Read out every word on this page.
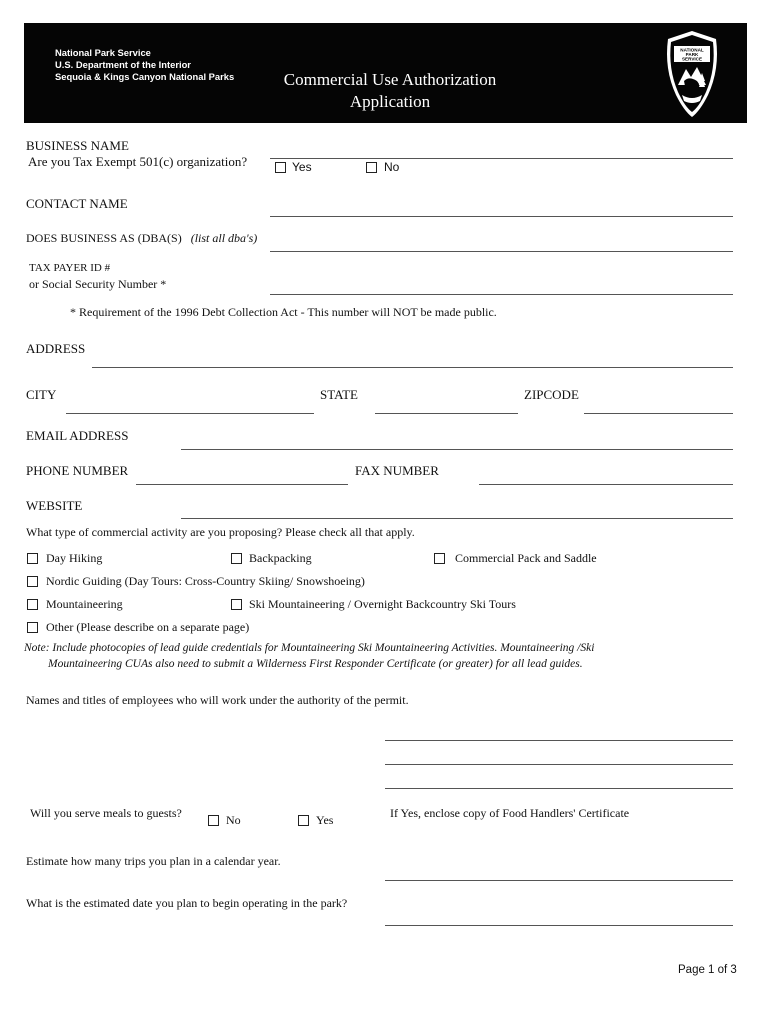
National Park Service
U.S. Department of the Interior
Sequoia & Kings Canyon National Parks	Commercial Use Authorization
Application
NATIONAL
PARK
SERVICE
BUSINESS NAME
Are you Tax Exempt 501(c) organization?	Yes	No
CONTACT NAME
DOES BUSINESS AS (DBA(S) (list all dba's)
TAX PAYER ID #
or Social Security Number *
* Requirement of the 1996 Debt Collection Act - This number will NOT be made public.
ADDRESS
CITY	STATE	ZIPCODE
EMAIL ADDRESS
PHONE NUMBER	FAX NUMBER
WEBSITE
What type of commercial activity are you proposing? Please check all that apply.
Day Hiking	Backpacking	Commercial Pack and Saddle
Nordic Guiding (Day Tours: Cross-Country Skiing/ Snowshoeing)
Mountaineering	Ski Mountaineering / Overnight Backcountry Ski Tours
Other (Please describe on a separate page)
Note: Include photocopies of lead guide credentials for Mountaineering Ski Mountaineering Activities. Mountaineering /Ski
Mountaineering CUAs also need to submit a Wilderness First Responder Certificate (or greater) for all lead guides.
Names and titles of employees who will work under the authority of the permit.
Will you serve meals to guests?	No	Yes	If Yes, enclose copy of Food Handlers' Certificate
Estimate how many trips you plan in a calendar year.
What is the estimated date you plan to begin operating in the park?
Page 1 of 3
